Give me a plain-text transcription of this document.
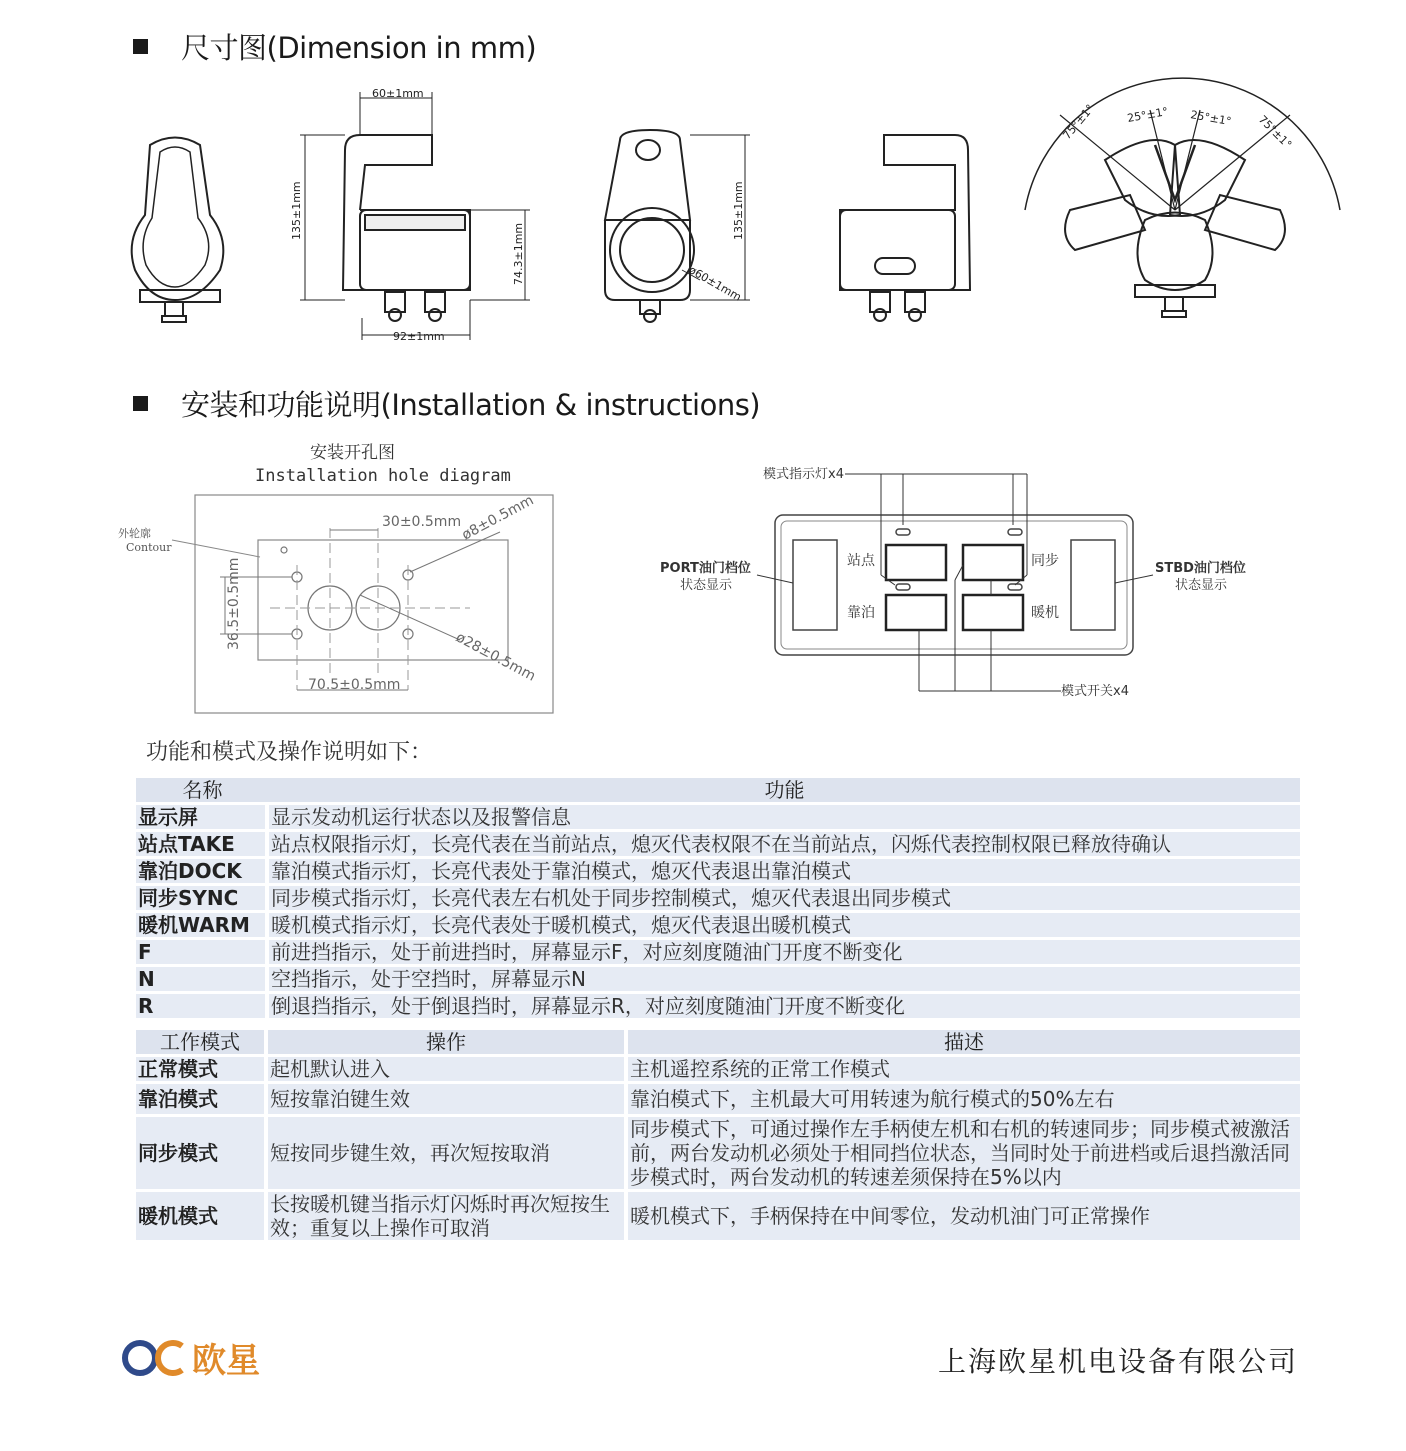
尺寸图(Dimension in mm)
60±1mm
135±1mm
74.3±1mm
92±1mm
135±1mm
ø60±1mm
75°±1°	25°±1° 25°±1° 75°±1°
安装和功能说明(Installation & instructions)
安装开孔图
Installation hole diagram
外轮廓
Contour
30±0.5mm
ø8±0.5mm
36.5±0.5mm
ø28±0.5mm
70.5±0.5mm
模式指示灯x4
模式开关x4
PORT油门档位
状态显示
STBD油门档位
状态显示
站点	同步
靠泊	暖机
功能和模式及操作说明如下：
名称	功能
显示屏	显示发动机运行状态以及报警信息
站点TAKE	站点权限指示灯，长亮代表在当前站点，熄灭代表权限不在当前站点，闪烁代表控制权限已释放待确认
靠泊DOCK	靠泊模式指示灯，长亮代表处于靠泊模式，熄灭代表退出靠泊模式
同步SYNC	同步模式指示灯，长亮代表左右机处于同步控制模式，熄灭代表退出同步模式
暖机WARM	暖机模式指示灯，长亮代表处于暖机模式，熄灭代表退出暖机模式
F	前进挡指示，处于前进挡时，屏幕显示F，对应刻度随油门开度不断变化
N	空挡指示，处于空挡时，屏幕显示N
R	倒退挡指示，处于倒退挡时，屏幕显示R，对应刻度随油门开度不断变化
工作模式	操作	描述
正常模式	起机默认进入	主机遥控系统的正常工作模式
靠泊模式	短按靠泊键生效	靠泊模式下，主机最大可用转速为航行模式的50%左右
同步模式	短按同步键生效，再次短按取消	同步模式下，可通过操作左手柄使左机和右机的转速同步；同步模式被激活前，两台发动机必须处于相同挡位状态，当同时处于前进档或后退挡激活同步模式时，两台发动机的转速差须保持在5%以内
暖机模式	长按暖机键当指示灯闪烁时再次短按生效；重复以上操作可取消	暖机模式下，手柄保持在中间零位，发动机油门可正常操作
欧星	上海欧星机电设备有限公司
